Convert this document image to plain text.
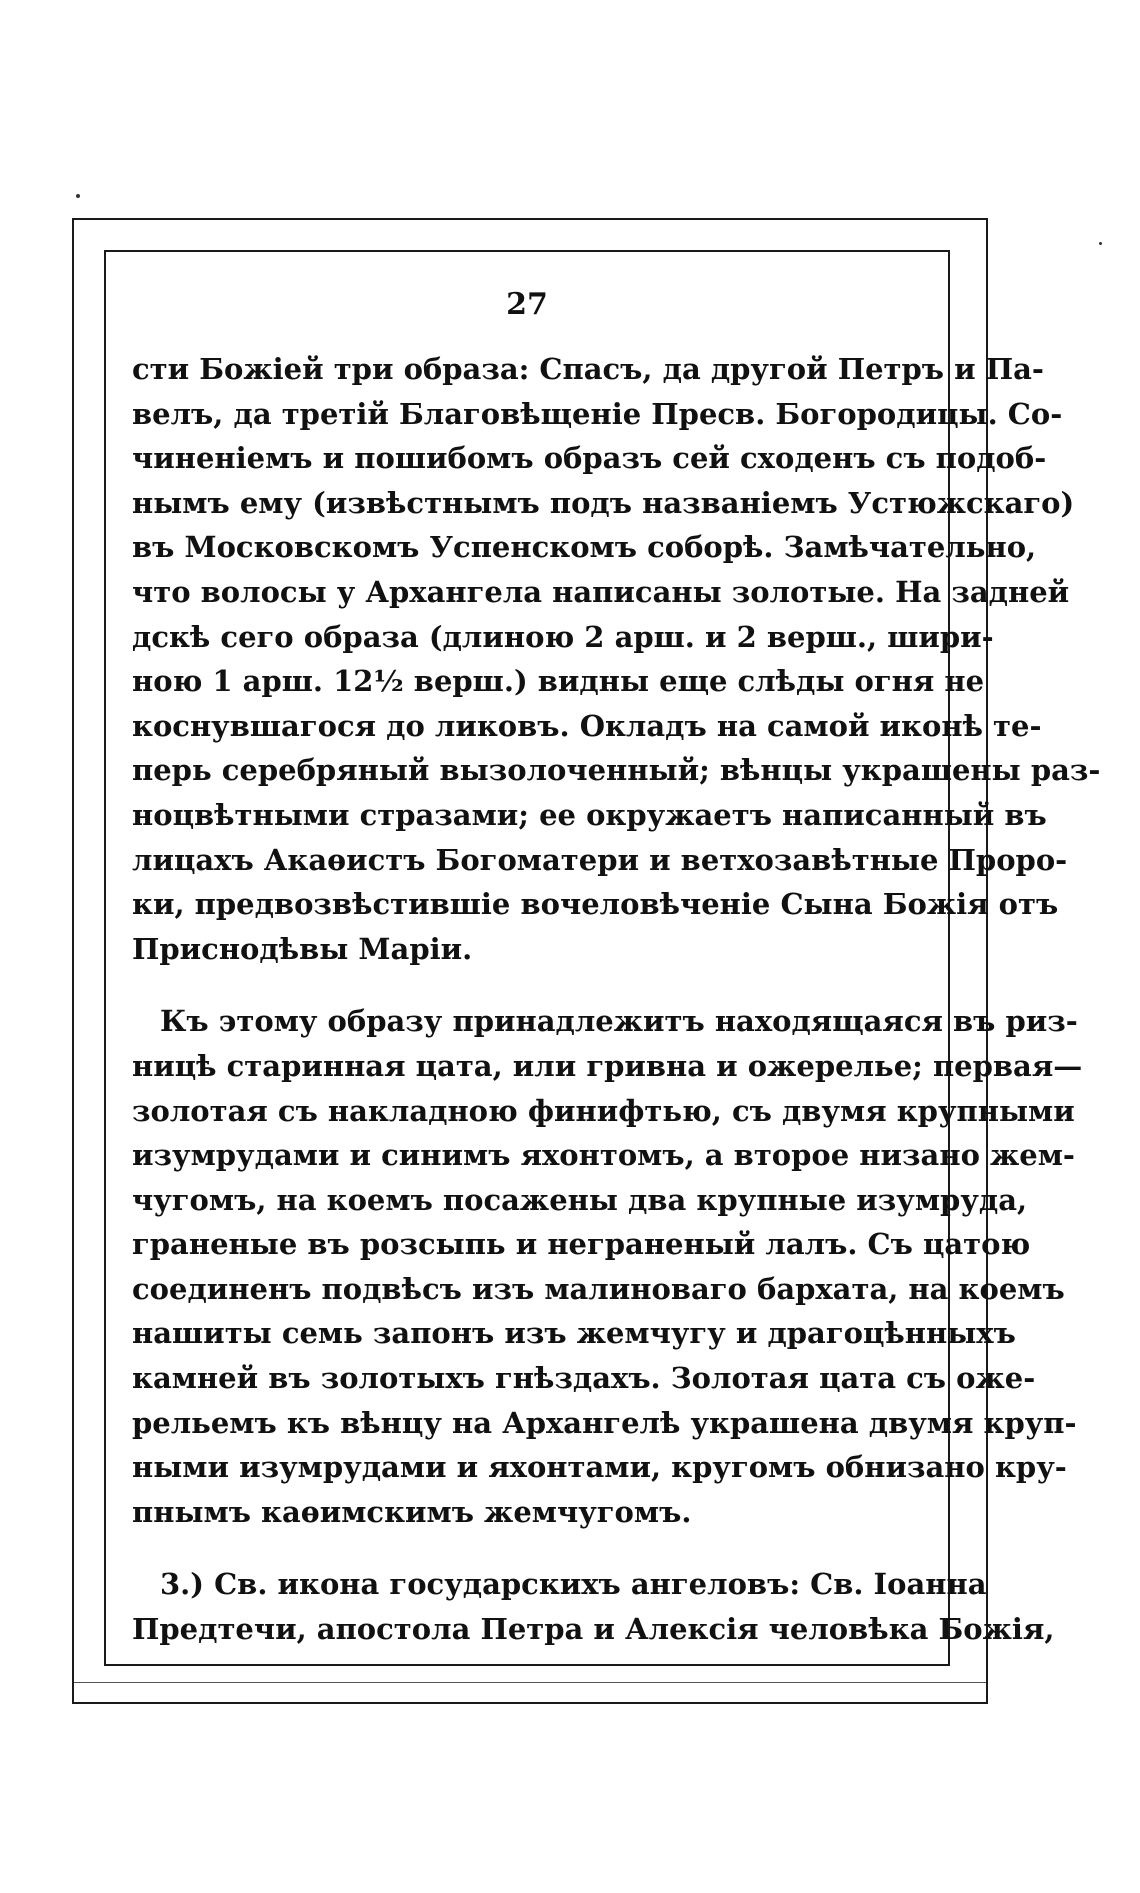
27

сти Божіей три образа: Спасъ, да другой Петръ и Па-
велъ, да третій Благовѣщеніе Пресв. Богородицы. Со-
чиненіемъ и пошибомъ образъ сей сходенъ съ подоб-
нымъ ему (извѣстнымъ подъ названіемъ Устюжскаго)
въ Московскомъ Успенскомъ соборѣ. Замѣчательно,
что волосы у Архангела написаны золотые. На задней
дскѣ сего образа (длиною 2 арш. и 2 верш., шири-
ною 1 арш. 12½ верш.) видны еще слѣды огня не
коснувшагося до ликовъ. Окладъ на самой иконѣ те-
перь серебряный вызолоченный; вѣнцы украшены раз-
ноцвѣтными стразами; ее окружаетъ написанный въ
лицахъ Акаѳистъ Богоматери и ветхозавѣтные Проро-
ки, предвозвѣстившіе вочеловѣченіе Сына Божія отъ
Приснодѣвы Маріи.

Къ этому образу принадлежитъ находящаяся въ риз-
ницѣ старинная цата, или гривна и ожерелье; первая—
золотая съ накладною финифтью, съ двумя крупными
изумрудами и синимъ яхонтомъ, а второе низано жем-
чугомъ, на коемъ посажены два крупные изумруда,
граненые въ розсыпь и неграненый лалъ. Съ цатою
соединенъ подвѣсъ изъ малиноваго бархата, на коемъ
нашиты семь запонъ изъ жемчугу и драгоцѣнныхъ
камней въ золотыхъ гнѣздахъ. Золотая цата съ оже-
рельемъ къ вѣнцу на Архангелѣ украшена двумя круп-
ными изумрудами и яхонтами, кругомъ обнизано кру-
пнымъ каѳимскимъ жемчугомъ.

3.) Св. икона государскихъ ангеловъ: Св. Іоанна
Предтечи, апостола Петра и Алексія человѣка Божія,
